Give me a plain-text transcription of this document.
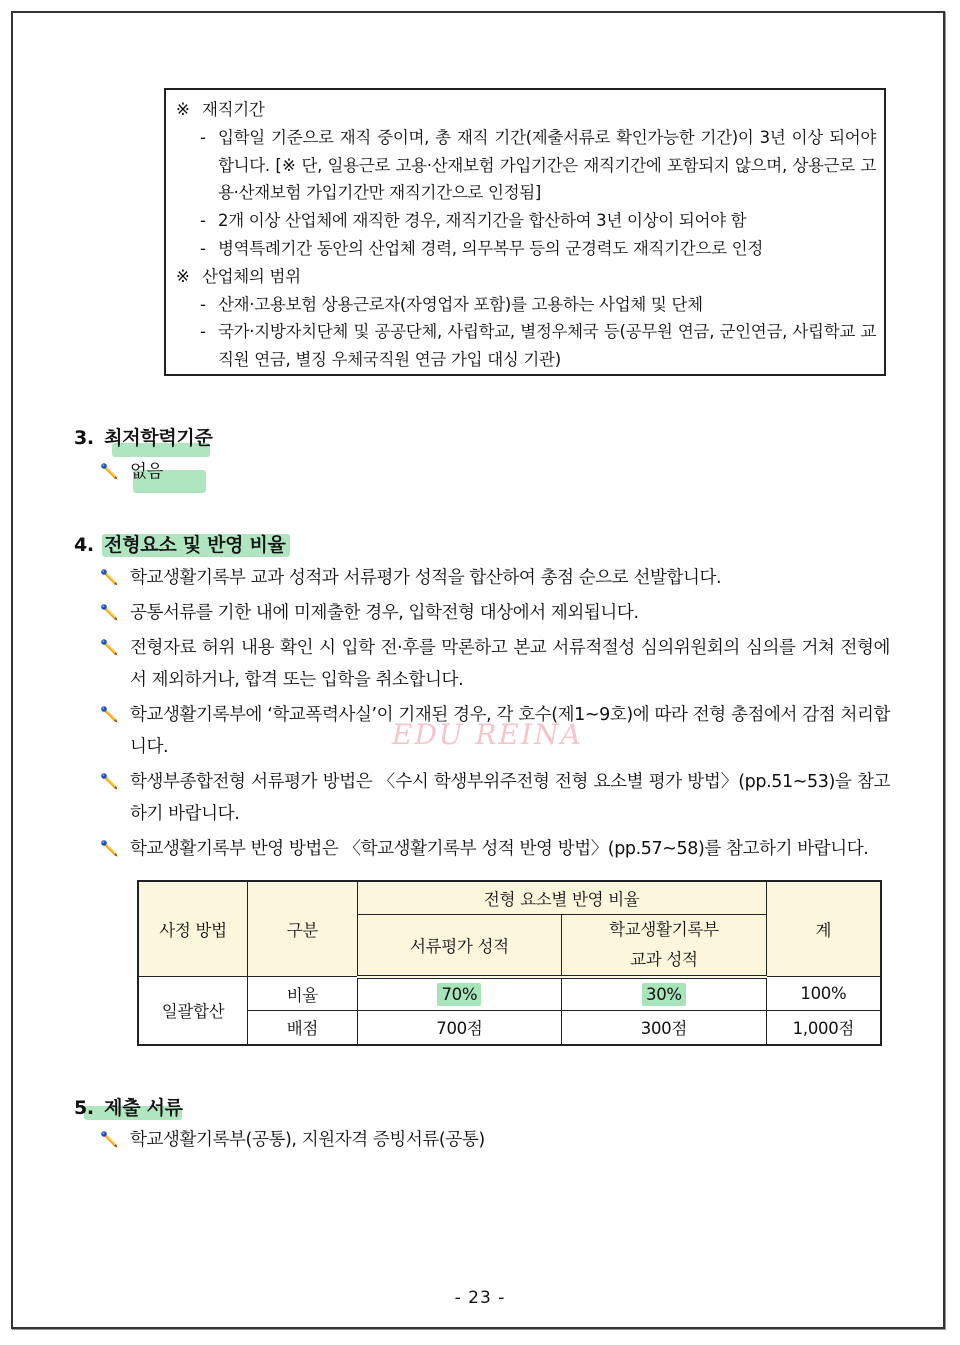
※ 재직기간
- 입학일 기준으로 재직 중이며, 총 재직 기간(제출서류로 확인가능한 기간)이 3년 이상 되어야 합니다. [※ 단, 일용근로 고용·산재보험 가입기간은 재직기간에 포함되지 않으며, 상용근로 고용·산재보험 가입기간만 재직기간으로 인정됨]
- 2개 이상 산업체에 재직한 경우, 재직기간을 합산하여 3년 이상이 되어야 함
- 병역특례기간 동안의 산업체 경력, 의무복무 등의 군경력도 재직기간으로 인정
※ 산업체의 범위
- 산재·고용보험 상용근로자(자영업자 포함)를 고용하는 사업체 및 단체
- 국가·지방자치단체 및 공공단체, 사립학교, 별정우체국 등(공무원 연금, 군인연금, 사립학교 교직원 연금, 별징 우체국직원 연금 가입 대싱 기관)
3. 최저학력기준
없음
4. 전형요소 및 반영 비율
학교생활기록부 교과 성적과 서류평가 성적을 합산하여 총점 순으로 선발합니다.
공통서류를 기한 내에 미제출한 경우, 입학전형 대상에서 제외됩니다.
전형자료 허위 내용 확인 시 입학 전·후를 막론하고 본교 서류적절성 심의위원회의 심의를 거쳐 전형에서 제외하거나, 합격 또는 입학을 취소합니다.
학교생활기록부에 ‘학교폭력사실’이 기재된 경우, 각 호수(제1~9호)에 따라 전형 총점에서 감점 처리합니다.
학생부종합전형 서류평가 방법은 〈수시 학생부위주전형 전형 요소별 평가 방법〉(pp.51~53)을 참고하기 바랍니다.
학교생활기록부 반영 방법은 〈학교생활기록부 성적 반영 방법〉(pp.57~58)를 참고하기 바랍니다.
EDU REINA
사정 방법	구분	전형 요소별 반영 비율		계
		서류평가 성적	학교생활기록부 교과 성적
일괄합산	비율	70%	30%	100%
	배점	700점	300점	1,000점
5. 제출 서류
학교생활기록부(공통), 지원자격 증빙서류(공통)
- 23 -
